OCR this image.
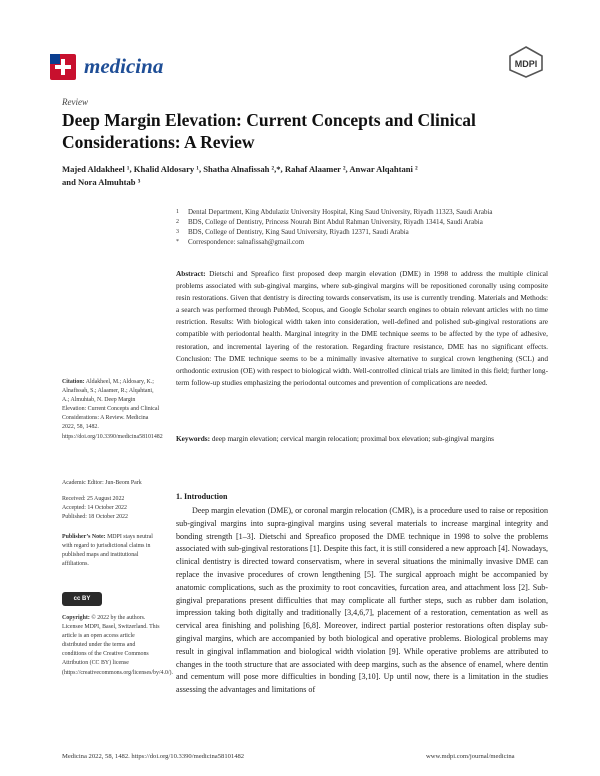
medicina	MDPI
Review
Deep Margin Elevation: Current Concepts and Clinical Considerations: A Review
Majed Aldakheel ¹, Khalid Aldosary ¹, Shatha Alnafissah ²,*, Rahaf Alaamer ², Anwar Alqahtani ²
and Nora Almuhtab ³
1 Dental Department, King Abdulaziz University Hospital, King Saud University, Riyadh 11323, Saudi Arabia
2 BDS, College of Dentistry, Princess Nourah Bint Abdul Rahman University, Riyadh 13414, Saudi Arabia
3 BDS, College of Dentistry, King Saud University, Riyadh 12371, Saudi Arabia
* Correspondence: salnafissah@gmail.com
Abstract: Dietschi and Spreafico first proposed deep margin elevation (DME) in 1998 to address the multiple clinical problems associated with sub-gingival margins, where sub-gingival margins will be repositioned coronally using composite resin restorations. Given that dentistry is directing towards conservatism, its use is currently trending. Materials and Methods: a search was performed through PubMed, Scopus, and Google Scholar search engines to obtain relevant articles with no time restriction. Results: With biological width taken into consideration, well-defined and polished sub-gingival restorations are compatible with periodontal health. Marginal integrity in the DME technique seems to be affected by the type of adhesive, restoration, and incremental layering of the restoration. Regarding fracture resistance, DME has no significant effects. Conclusion: The DME technique seems to be a minimally invasive alternative to surgical crown lengthening (SCL) and orthodontic extrusion (OE) with respect to biological width. Well-controlled clinical trials are limited in this field; further long-term follow-up studies emphasizing the periodontal outcomes and prevention of complications are needed.
Keywords: deep margin elevation; cervical margin relocation; proximal box elevation; sub-gingival margins
1. Introduction
Deep margin elevation (DME), or coronal margin relocation (CMR), is a procedure used to raise or reposition sub-gingival margins into supra-gingival margins using several materials to increase marginal integrity and bonding strength [1–3]. Dietschi and Spreafico proposed the DME technique in 1998 to solve the problems associated with sub-gingival restorations [1]. Despite this fact, it is still considered a new approach [4]. Nowadays, clinical dentistry is directed toward conservatism, where in several situations the minimally invasive DME can replace the invasive procedures of crown lengthening [5]. The surgical approach might be accompanied by anatomic complications, such as the proximity to root concavities, furcation area, and attachment loss [2]. Sub-gingival preparations present difficulties that may complicate all further steps, such as rubber dam isolation, impression taking both digitally and traditionally [3,4,6,7], placement of a restoration, cementation as well as cervical area finishing and polishing [6,8]. Moreover, indirect partial posterior restorations often display sub-gingival margins, which are accompanied by both biological and operative problems. Biological problems may result in gingival inflammation and biological width violation [9]. While operative problems are attributed to changes in the tooth structure that are associated with deep margins, such as the absence of enamel, where dentin and cementum will pose more difficulties in bonding [3,10]. Up until now, there is a limitation in the studies assessing the advantages and limitations of
Citation: Aldakheel, M.; Aldosary, K.; Alnafissah, S.; Alaamer, R.; Alqahtani, A.; Almuhtab, N. Deep Margin Elevation: Current Concepts and Clinical Considerations: A Review. Medicina 2022, 58, 1482. https://doi.org/10.3390/medicina58101482
Academic Editor: Jun-Beom Park
Received: 25 August 2022
Accepted: 14 October 2022
Published: 18 October 2022
Publisher’s Note: MDPI stays neutral with regard to jurisdictional claims in published maps and institutional affiliations.
cc BY
Copyright: © 2022 by the authors. Licensee MDPI, Basel, Switzerland. This article is an open access article distributed under the terms and conditions of the Creative Commons Attribution (CC BY) license (https://creativecommons.org/licenses/by/4.0/).
Medicina 2022, 58, 1482. https://doi.org/10.3390/medicina58101482	www.mdpi.com/journal/medicina
